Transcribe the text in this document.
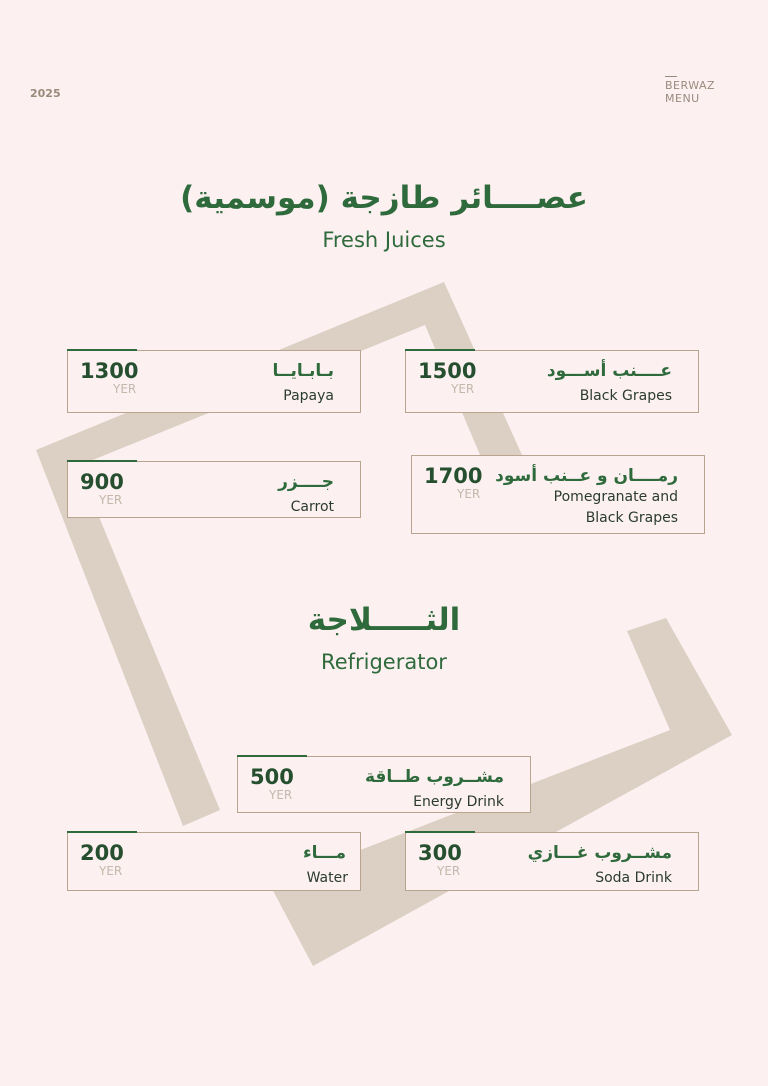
2025
BERWAZ
MENU
عصــــائر طازجة (موسمية)
Fresh Juices
1300
YER
بـابـايــا
Papaya
1500
YER
عــــنب أســـود
Black Grapes
900
YER
جــــزر
Carrot
1700
YER
رمــــان و عــنب أسود
Pomegranate and
Black Grapes
الثـــــلاجة
Refrigerator
500
YER
مشــروب طــاقة
Energy Drink
200
YER
مـــاء
Water
300
YER
مشــروب غـــازي
Soda Drink
